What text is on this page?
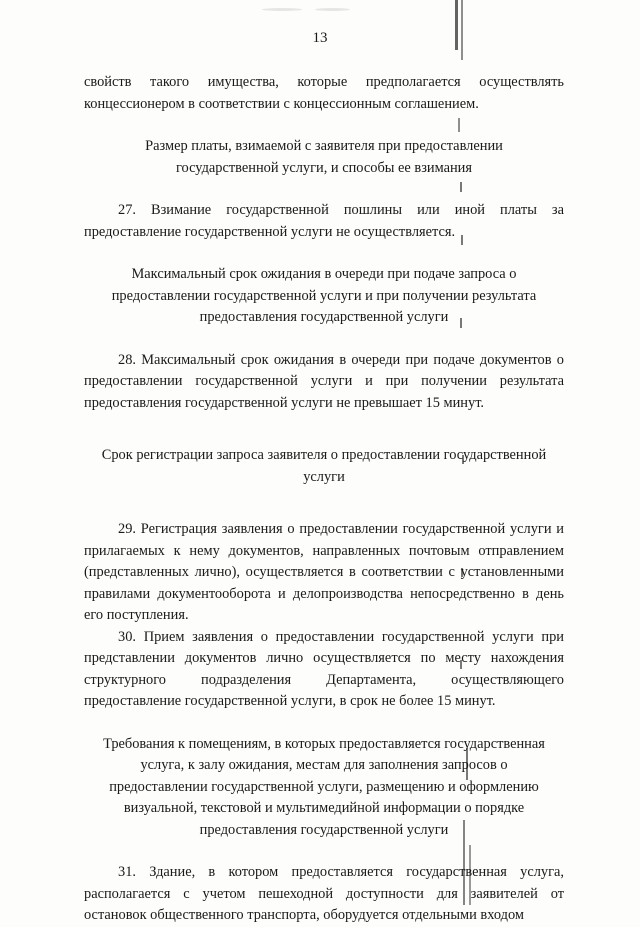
13

свойств такого имущества, которые предполагается осуществлять концессионером в соответствии с концессионным соглашением.

Размер платы, взимаемой с заявителя при предоставлении государственной услуги, и способы ее взимания

27. Взимание государственной пошлины или иной платы за предоставление государственной услуги не осуществляется.

Максимальный срок ожидания в очереди при подаче запроса о предоставлении государственной услуги и при получении результата предоставления государственной услуги

28. Максимальный срок ожидания в очереди при подаче документов о предоставлении государственной услуги и при получении результата предоставления государственной услуги не превышает 15 минут.

Срок регистрации запроса заявителя о предоставлении государственной услуги

29. Регистрация заявления о предоставлении государственной услуги и прилагаемых к нему документов, направленных почтовым отправлением (представленных лично), осуществляется в соответствии с установленными правилами документооборота и делопроизводства непосредственно в день его поступления.

30. Прием заявления о предоставлении государственной услуги при представлении документов лично осуществляется по месту нахождения структурного подразделения Департамента, осуществляющего предоставление государственной услуги, в срок не более 15 минут.

Требования к помещениям, в которых предоставляется государственная услуга, к залу ожидания, местам для заполнения запросов о предоставлении государственной услуги, размещению и оформлению визуальной, текстовой и мультимедийной информации о порядке предоставления государственной услуги

31. Здание, в котором предоставляется государственная услуга, располагается с учетом пешеходной доступности для заявителей от остановок общественного транспорта, оборудуется отдельными входом
